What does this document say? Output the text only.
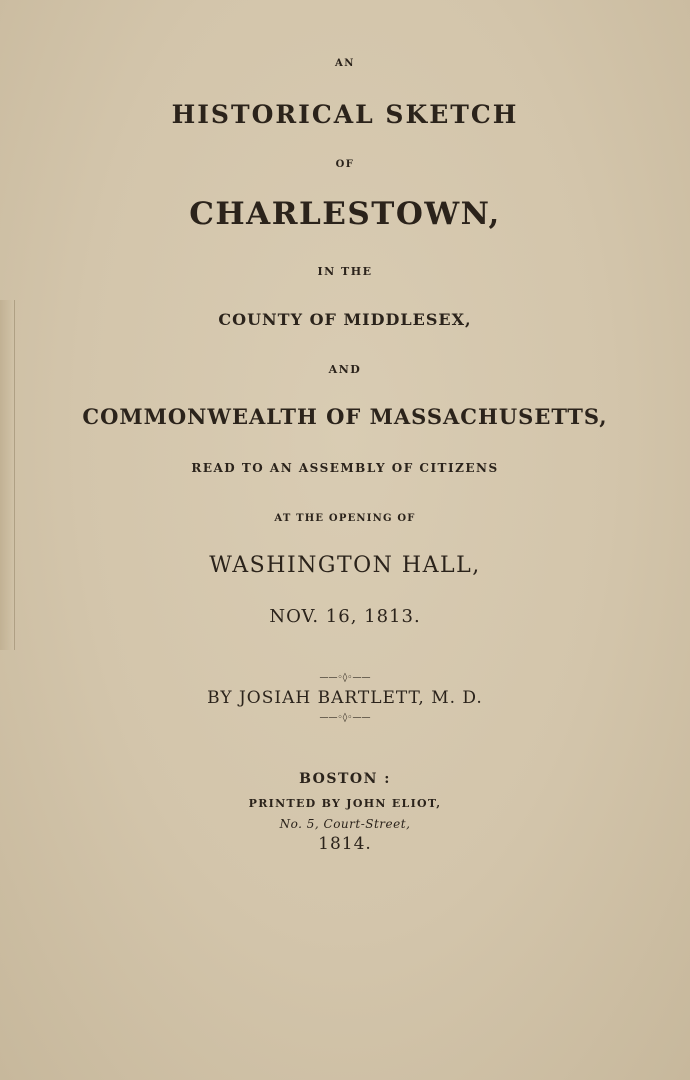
AN
HISTORICAL SKETCH
OF
CHARLESTOWN,
IN THE
COUNTY OF MIDDLESEX,
AND
COMMONWEALTH OF MASSACHUSETTS,
READ TO AN ASSEMBLY OF CITIZENS
AT THE OPENING OF
WASHINGTON HALL,
NOV. 16, 1813.
——◦◊◦——
BY JOSIAH BARTLETT, M. D.
——◦◊◦——
BOSTON :
PRINTED BY JOHN ELIOT,
No. 5, Court-Street,
1814.
